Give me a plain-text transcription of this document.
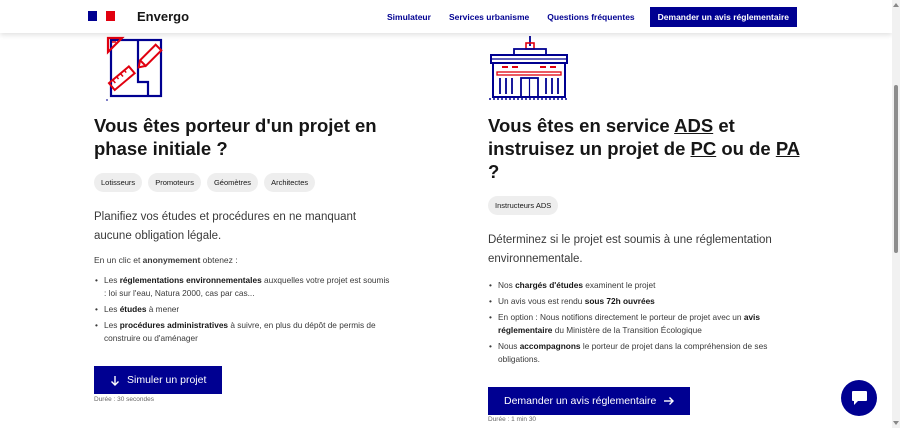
Envergo	Simulateur	Services urbanisme	Questions fréquentes	Demander un avis réglementaire
Vous êtes porteur d'un projet en phase initiale ?
Lotisseurs	Promoteurs	Géomètres	Architectes

Planifiez vos études et procédures en ne manquant aucune obligation légale.

En un clic et anonymement obtenez :

• Les réglementations environnementales auxquelles votre projet est soumis : loi sur l'eau, Natura 2000, cas par cas...
• Les études à mener
• Les procédures administratives à suivre, en plus du dépôt de permis de construire ou d'aménager
Simuler un projet
Durée : 30 secondes
Vous êtes en service ADS et instruisez un projet de PC ou de PA ?
Instructeurs ADS

Déterminez si le projet est soumis à une réglementation environnementale.

• Nos chargés d'études examinent le projet
• Un avis vous est rendu sous 72h ouvrées
• En option : Nous notifions directement le porteur de projet avec un avis réglementaire du Ministère de la Transition Écologique
• Nous accompagnons le porteur de projet dans la compréhension de ses obligations.
Demander un avis réglementaire
Durée : 1 min 30
